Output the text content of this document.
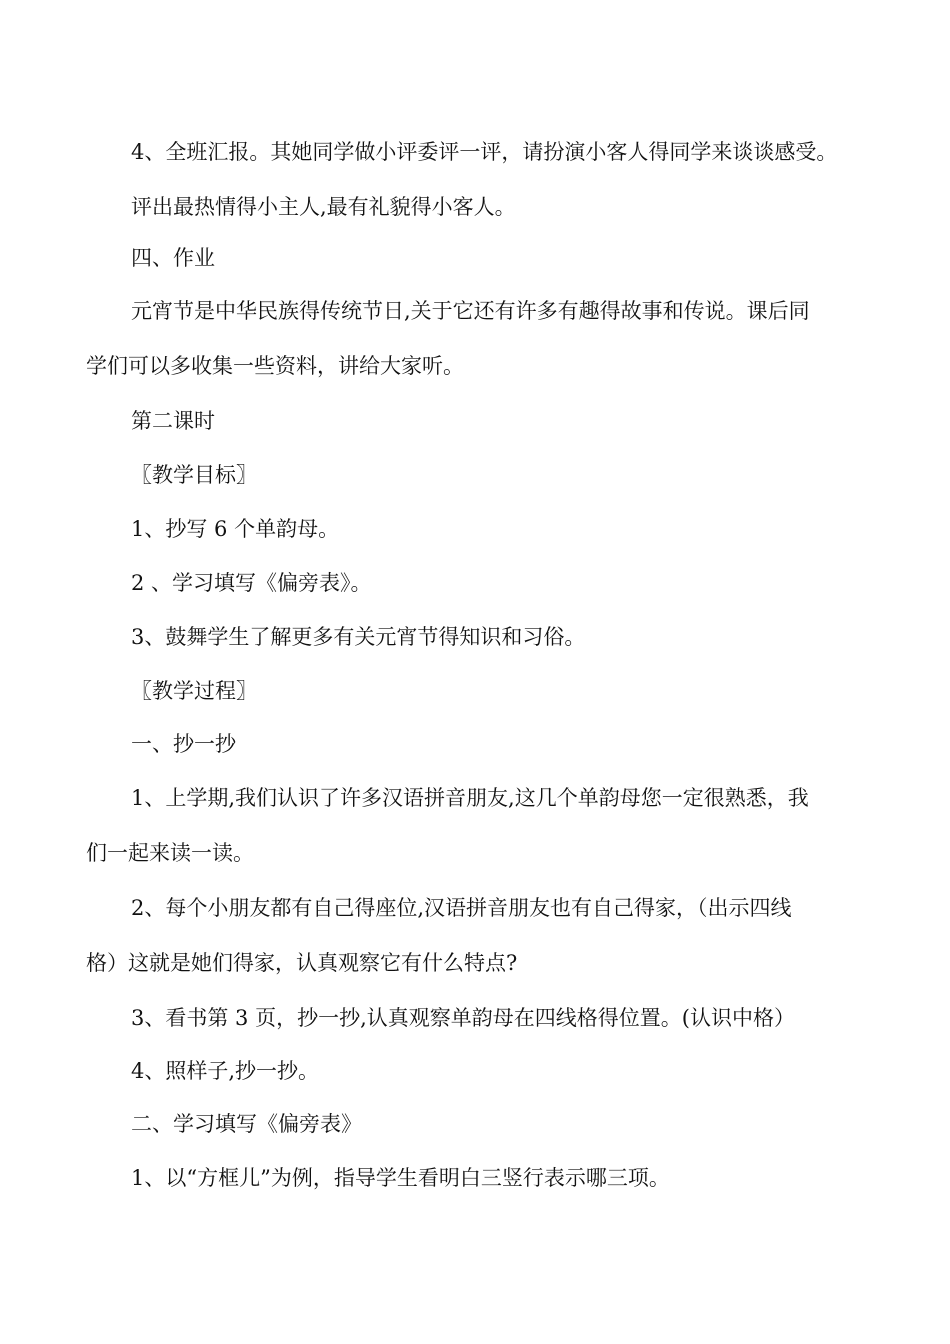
4、全班汇报。其她同学做小评委评一评，请扮演小客人得同学来谈谈感受。
评出最热情得小主人,最有礼貌得小客人。
四、作业
元宵节是中华民族得传统节日,关于它还有许多有趣得故事和传说。课后同
学们可以多收集一些资料，讲给大家听。
第二课时
〖教学目标〗
1、抄写 6 个单韵母。
2 、学习填写《偏旁表》。
3、鼓舞学生了解更多有关元宵节得知识和习俗。
〖教学过程〗
一、抄一抄
1、上学期,我们认识了许多汉语拼音朋友,这几个单韵母您一定很熟悉，我
们一起来读一读。
2、每个小朋友都有自己得座位,汉语拼音朋友也有自己得家，（出示四线
格）这就是她们得家，认真观察它有什么特点?
3、看书第 3 页，抄一抄,认真观察单韵母在四线格得位置。(认识中格）
4、照样子,抄一抄。
二、学习填写《偏旁表》
1、以“方框儿”为例，指导学生看明白三竖行表示哪三项。
